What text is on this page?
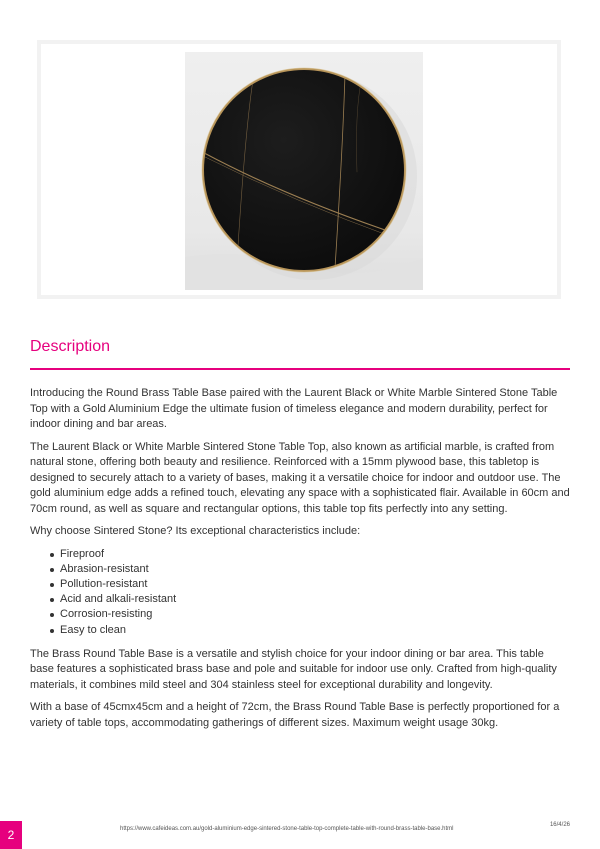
Description

Introducing the Round Brass Table Base paired with the Laurent Black or White Marble Sintered Stone Table Top with a Gold Aluminium Edge the ultimate fusion of timeless elegance and modern durability, perfect for indoor dining and bar areas.

The Laurent Black or White Marble Sintered Stone Table Top, also known as artificial marble, is crafted from natural stone, offering both beauty and resilience. Reinforced with a 15mm plywood base, this tabletop is designed to securely attach to a variety of bases, making it a versatile choice for indoor and outdoor use. The gold aluminium edge adds a refined touch, elevating any space with a sophisticated flair. Available in 60cm and 70cm round, as well as square and rectangular options, this table top fits perfectly into any setting.

Why choose Sintered Stone? Its exceptional characteristics include:

Fireproof
Abrasion-resistant
Pollution-resistant
Acid and alkali-resistant
Corrosion-resisting
Easy to clean

The Brass Round Table Base is a versatile and stylish choice for your indoor dining or bar area. This table base features a sophisticated brass base and pole and suitable for indoor use only. Crafted from high-quality materials, it combines mild steel and 304 stainless steel for exceptional durability and longevity.

With a base of 45cmx45cm and a height of 72cm, the Brass Round Table Base is perfectly proportioned for a variety of table tops, accommodating gatherings of different sizes. Maximum weight usage 30kg.

2	https://www.cafeideas.com.au/gold-aluminium-edge-sintered-stone-table-top-complete-table-with-round-brass-table-base.html
16/4/26
